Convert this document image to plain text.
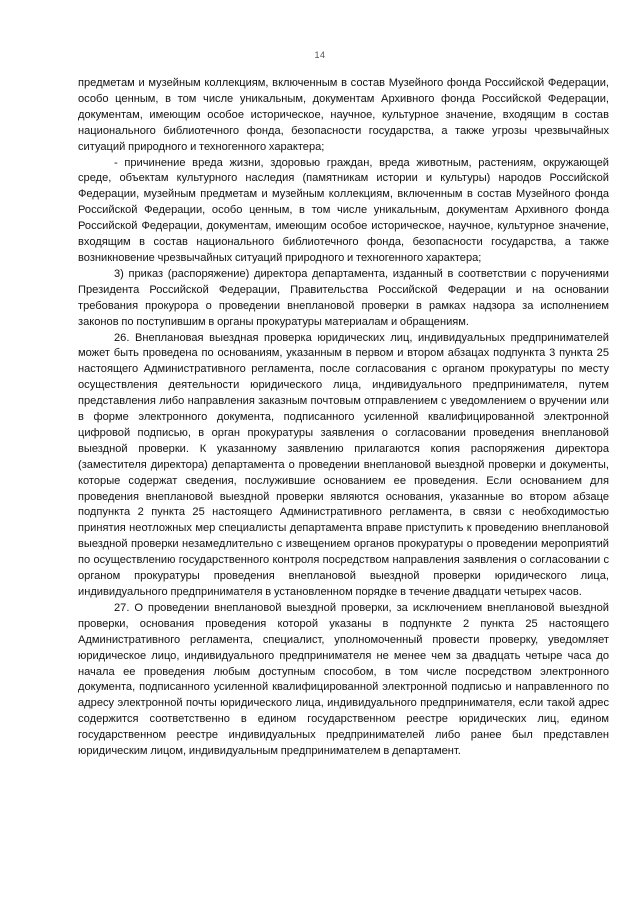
14

предметам и музейным коллекциям, включенным в состав Музейного фонда Российской Федерации, особо ценным, в том числе уникальным, документам Архивного фонда Российской Федерации, документам, имеющим особое историческое, научное, культурное значение, входящим в состав национального библиотечного фонда, безопасности государства, а также угрозы чрезвычайных ситуаций природного и техногенного характера;

- причинение вреда жизни, здоровью граждан, вреда животным, растениям, окружающей среде, объектам культурного наследия (памятникам истории и культуры) народов Российской Федерации, музейным предметам и музейным коллекциям, включенным в состав Музейного фонда Российской Федерации, особо ценным, в том числе уникальным, документам Архивного фонда Российской Федерации, документам, имеющим особое историческое, научное, культурное значение, входящим в состав национального библиотечного фонда, безопасности государства, а также возникновение чрезвычайных ситуаций природного и техногенного характера;

3) приказ (распоряжение) директора департамента, изданный в соответствии с поручениями Президента Российской Федерации, Правительства Российской Федерации и на основании требования прокурора о проведении внеплановой проверки в рамках надзора за исполнением законов по поступившим в органы прокуратуры материалам и обращениям.

26. Внеплановая выездная проверка юридических лиц, индивидуальных предпринимателей может быть проведена по основаниям, указанным в первом и втором абзацах подпункта 3 пункта 25 настоящего Административного регламента, после согласования с органом прокуратуры по месту осуществления деятельности юридического лица, индивидуального предпринимателя, путем представления либо направления заказным почтовым отправлением с уведомлением о вручении или в форме электронного документа, подписанного усиленной квалифицированной электронной цифровой подписью, в орган прокуратуры заявления о согласовании проведения внеплановой выездной проверки. К указанному заявлению прилагаются копия распоряжения директора (заместителя директора) департамента о проведении внеплановой выездной проверки и документы, которые содержат сведения, послужившие основанием ее проведения. Если основанием для проведения внеплановой выездной проверки являются основания, указанные во втором абзаце подпункта 2 пункта 25 настоящего Административного регламента, в связи с необходимостью принятия неотложных мер специалисты департамента вправе приступить к проведению внеплановой выездной проверки незамедлительно с извещением органов прокуратуры о проведении мероприятий по осуществлению государственного контроля посредством направления заявления о согласовании с органом прокуратуры проведения внеплановой выездной проверки юридического лица, индивидуального предпринимателя в установленном порядке в течение двадцати четырех часов.

27. О проведении внеплановой выездной проверки, за исключением внеплановой выездной проверки, основания проведения которой указаны в подпункте 2 пункта 25 настоящего Административного регламента, специалист, уполномоченный провести проверку, уведомляет юридическое лицо, индивидуального предпринимателя не менее чем за двадцать четыре часа до начала ее проведения любым доступным способом, в том числе посредством электронного документа, подписанного усиленной квалифицированной электронной подписью и направленного по адресу электронной почты юридического лица, индивидуального предпринимателя, если такой адрес содержится соответственно в едином государственном реестре юридических лиц, едином государственном реестре индивидуальных предпринимателей либо ранее был представлен юридическим лицом, индивидуальным предпринимателем в департамент.
